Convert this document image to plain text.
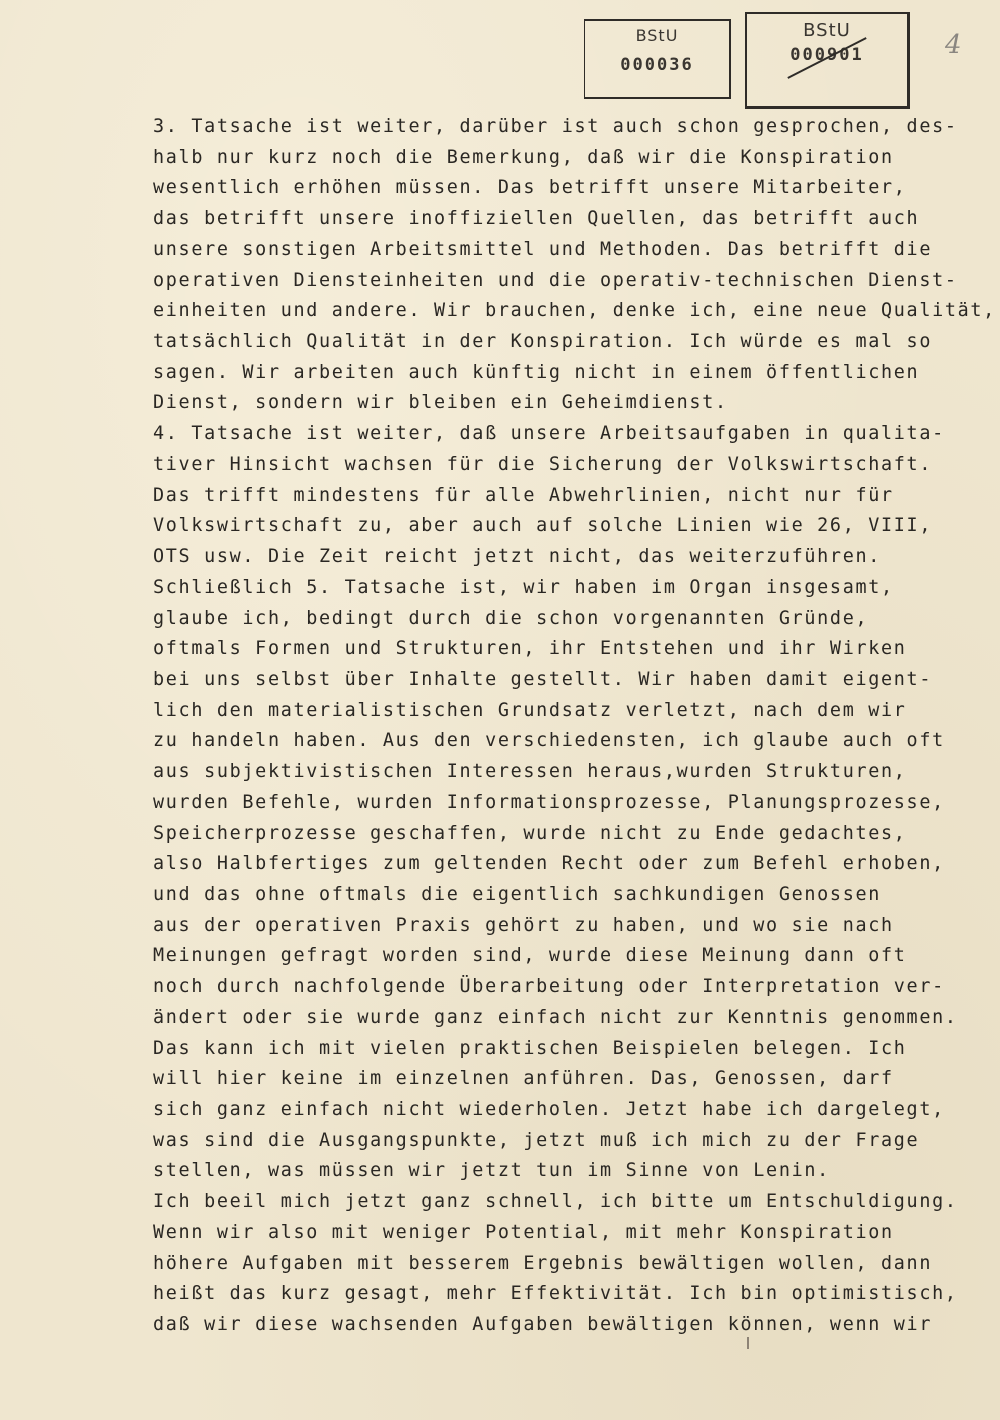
BStU
000036
BStU
000901	4
3. Tatsache ist weiter, darüber ist auch schon gesprochen, des-
halb nur kurz noch die Bemerkung, daß wir die Konspiration
wesentlich erhöhen müssen. Das betrifft unsere Mitarbeiter,
das betrifft unsere inoffiziellen Quellen, das betrifft auch
unsere sonstigen Arbeitsmittel und Methoden. Das betrifft die
operativen Diensteinheiten und die operativ-technischen Dienst-
einheiten und andere. Wir brauchen, denke ich, eine neue Qualität,
tatsächlich Qualität in der Konspiration. Ich würde es mal so
sagen. Wir arbeiten auch künftig nicht in einem öffentlichen
Dienst, sondern wir bleiben ein Geheimdienst.
4. Tatsache ist weiter, daß unsere Arbeitsaufgaben in qualita-
tiver Hinsicht wachsen für die Sicherung der Volkswirtschaft.
Das trifft mindestens für alle Abwehrlinien, nicht nur für
Volkswirtschaft zu, aber auch auf solche Linien wie 26, VIII,
OTS usw. Die Zeit reicht jetzt nicht, das weiterzuführen.
Schließlich 5. Tatsache ist, wir haben im Organ insgesamt,
glaube ich, bedingt durch die schon vorgenannten Gründe,
oftmals Formen und Strukturen, ihr Entstehen und ihr Wirken
bei uns selbst über Inhalte gestellt. Wir haben damit eigent-
lich den materialistischen Grundsatz verletzt, nach dem wir
zu handeln haben. Aus den verschiedensten, ich glaube auch oft
aus subjektivistischen Interessen heraus,wurden Strukturen,
wurden Befehle, wurden Informationsprozesse, Planungsprozesse,
Speicherprozesse geschaffen, wurde nicht zu Ende gedachtes,
also Halbfertiges zum geltenden Recht oder zum Befehl erhoben,
und das ohne oftmals die eigentlich sachkundigen Genossen
aus der operativen Praxis gehört zu haben, und wo sie nach
Meinungen gefragt worden sind, wurde diese Meinung dann oft
noch durch nachfolgende Überarbeitung oder Interpretation ver-
ändert oder sie wurde ganz einfach nicht zur Kenntnis genommen.
Das kann ich mit vielen praktischen Beispielen belegen. Ich
will hier keine im einzelnen anführen. Das, Genossen, darf
sich ganz einfach nicht wiederholen. Jetzt habe ich dargelegt,
was sind die Ausgangspunkte, jetzt muß ich mich zu der Frage
stellen, was müssen wir jetzt tun im Sinne von Lenin.
Ich beeil mich jetzt ganz schnell, ich bitte um Entschuldigung.
Wenn wir also mit weniger Potential, mit mehr Konspiration
höhere Aufgaben mit besserem Ergebnis bewältigen wollen, dann
heißt das kurz gesagt, mehr Effektivität. Ich bin optimistisch,
daß wir diese wachsenden Aufgaben bewältigen können, wenn wir
